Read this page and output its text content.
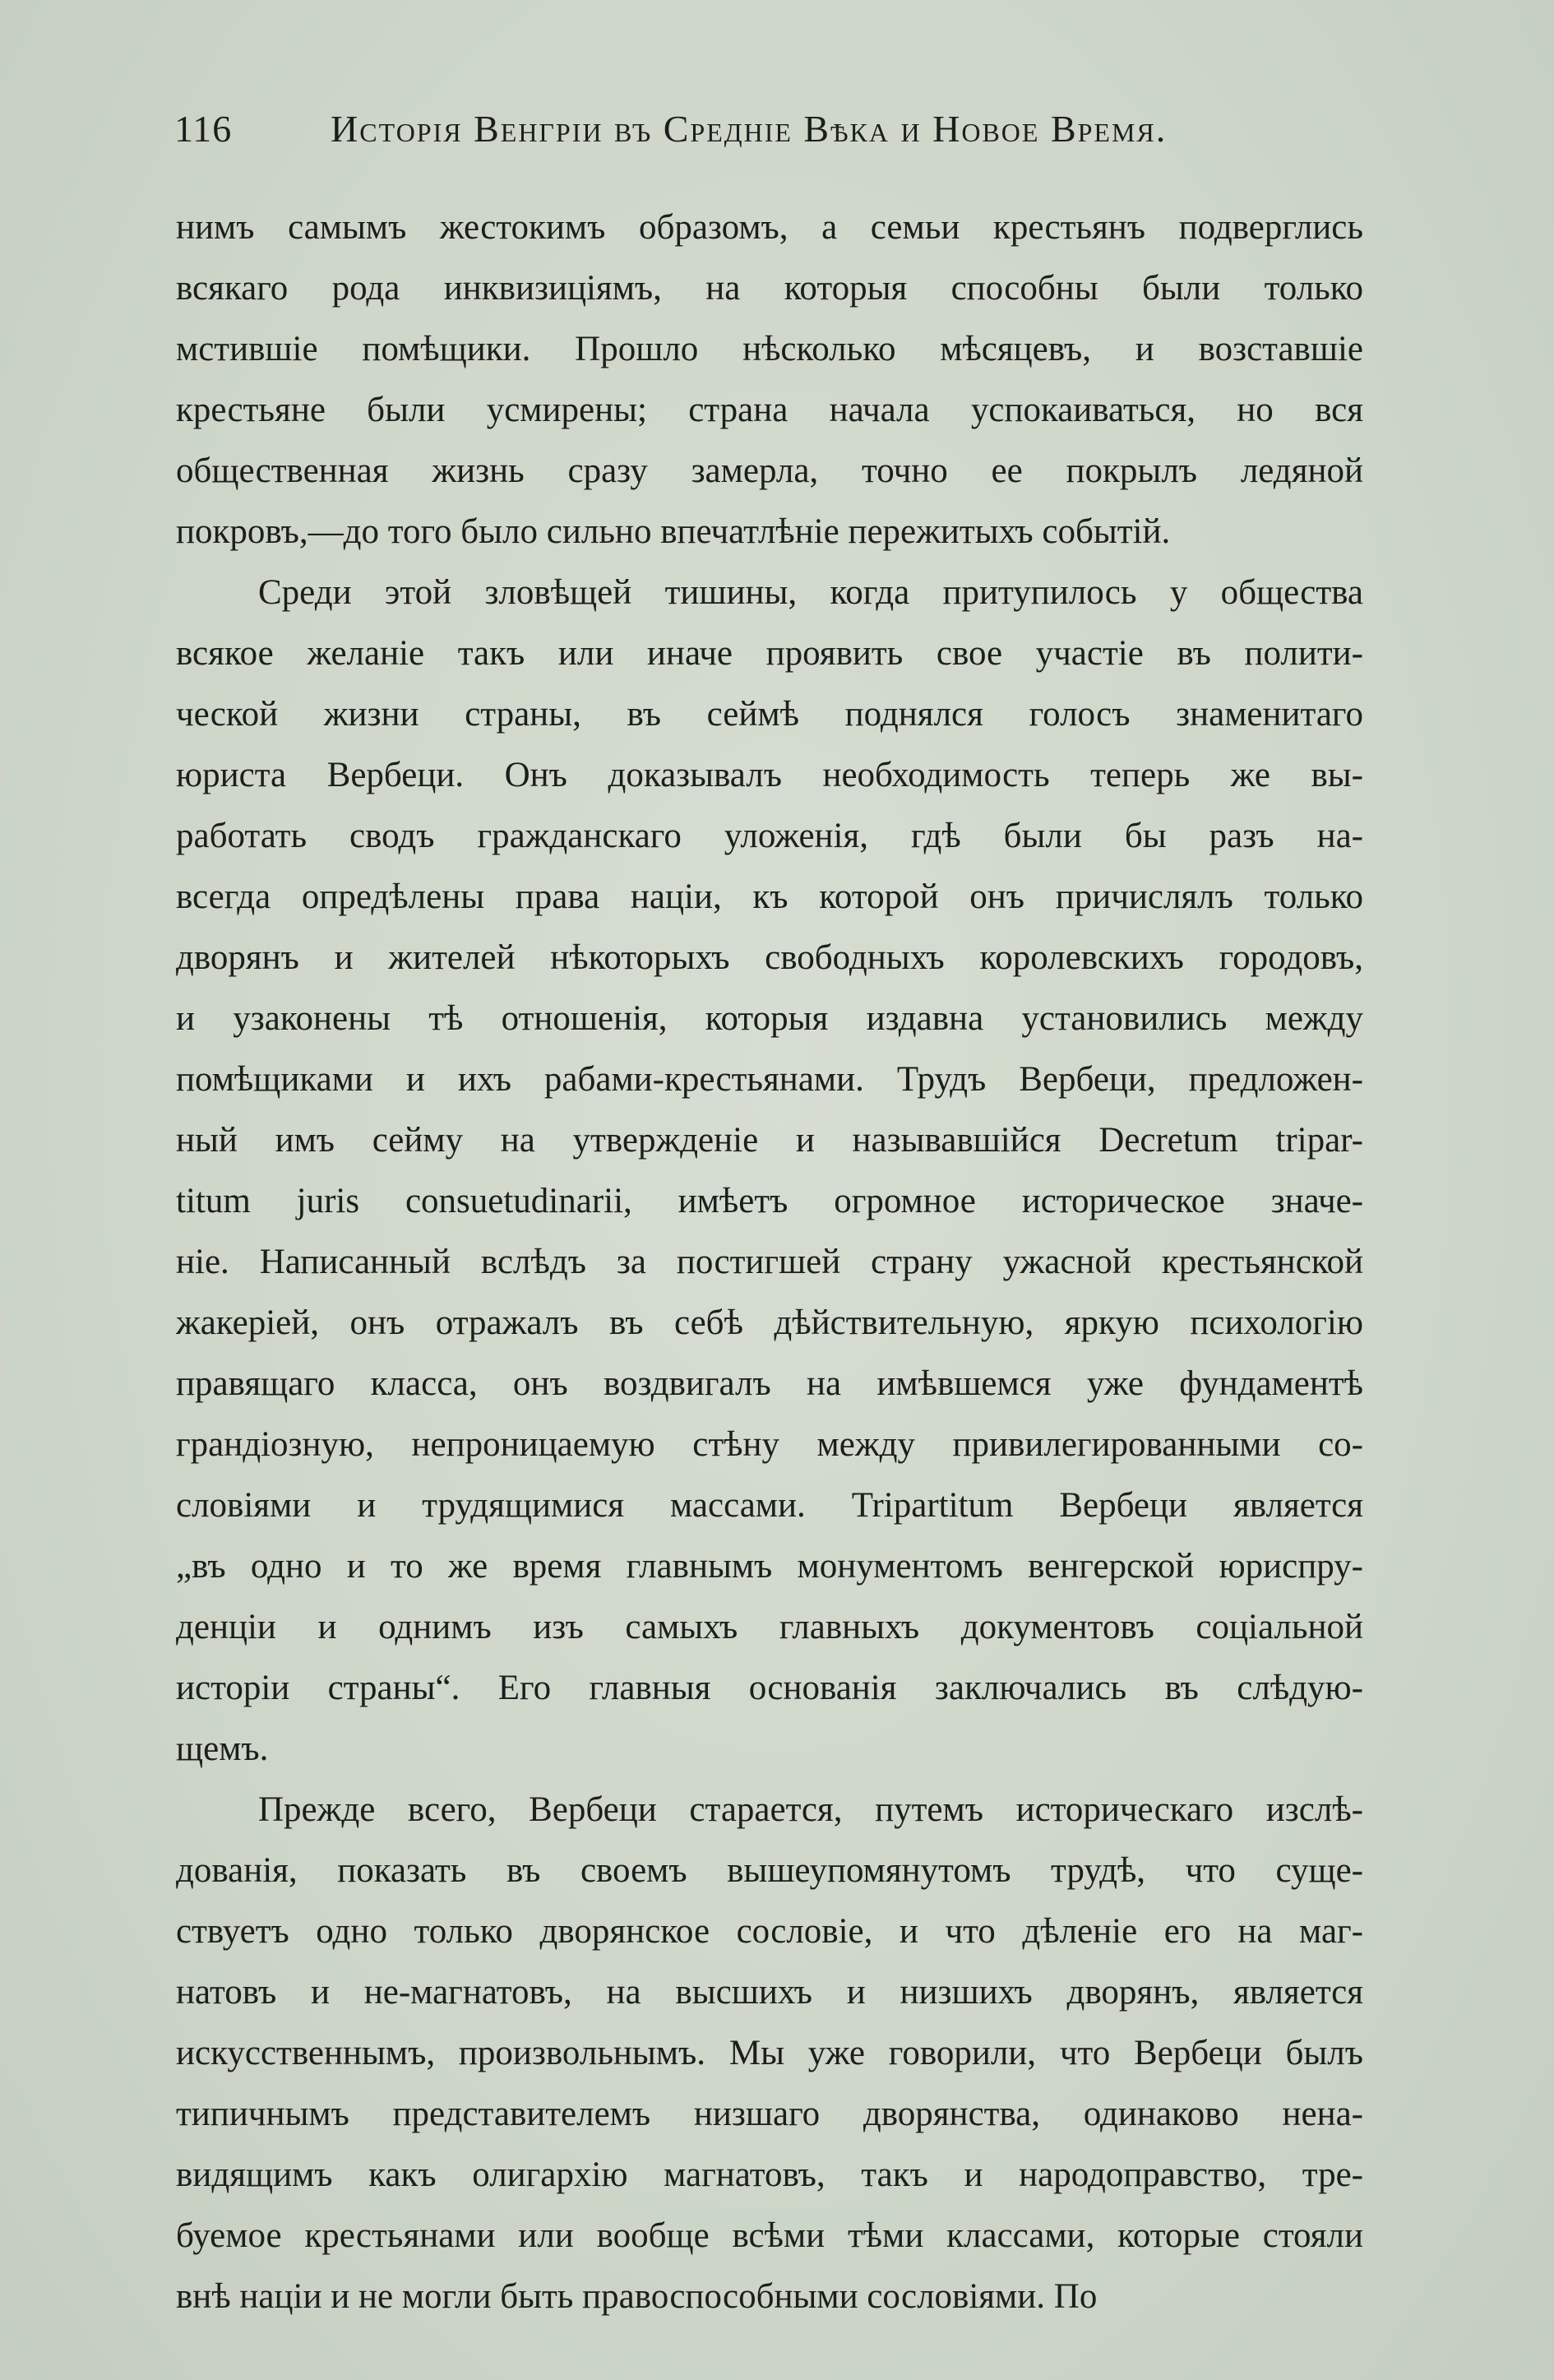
116	Исторія Венгріи въ Средніе Вѣка и Новое Время.
нимъ самымъ жестокимъ образомъ, а семьи крестьянъ подверглись
всякаго рода инквизиціямъ, на которыя способны были только
мстившіе помѣщики. Прошло нѣсколько мѣсяцевъ, и возставшіе
крестьяне были усмирены; страна начала успокаиваться, но вся
общественная жизнь сразу замерла, точно ее покрылъ ледяной
покровъ,—до того было сильно впечатлѣніе пережитыхъ событій.
Среди этой зловѣщей тишины, когда притупилось у общества
всякое желаніе такъ или иначе проявить свое участіе въ полити-
ческой жизни страны, въ сеймѣ поднялся голосъ знаменитаго
юриста Вербеци. Онъ доказывалъ необходимость теперь же вы-
работать сводъ гражданскаго уложенія, гдѣ были бы разъ на-
всегда опредѣлены права націи, къ которой онъ причислялъ только
дворянъ и жителей нѣкоторыхъ свободныхъ королевскихъ городовъ,
и узаконены тѣ отношенія, которыя издавна установились между
помѣщиками и ихъ рабами-крестьянами. Трудъ Вербеци, предложен-
ный имъ сейму на утвержденіе и называвшійся Decretum tripar-
titum juris consuetudinarii, имѣетъ огромное историческое значе-
ніе. Написанный вслѣдъ за постигшей страну ужасной крестьянской
жакеріей, онъ отражалъ въ себѣ дѣйствительную, яркую психологію
правящаго класса, онъ воздвигалъ на имѣвшемся уже фундаментѣ
грандіозную, непроницаемую стѣну между привилегированными со-
словіями и трудящимися массами. Tripartitum Вербеци является
„въ одно и то же время главнымъ монументомъ венгерской юриспру-
денціи и однимъ изъ самыхъ главныхъ документовъ соціальной
исторіи страны“. Его главныя основанія заключались въ слѣдую-
щемъ.
Прежде всего, Вербеци старается, путемъ историческаго изслѣ-
дованія, показать въ своемъ вышеупомянутомъ трудѣ, что суще-
ствуетъ одно только дворянское сословіе, и что дѣленіе его на маг-
натовъ и не-магнатовъ, на высшихъ и низшихъ дворянъ, является
искусственнымъ, произвольнымъ. Мы уже говорили, что Вербеци былъ
типичнымъ представителемъ низшаго дворянства, одинаково нена-
видящимъ какъ олигархію магнатовъ, такъ и народоправство, тре-
буемое крестьянами или вообще всѣми тѣми классами, которые стояли
внѣ націи и не могли быть правоспособными сословіями. По
